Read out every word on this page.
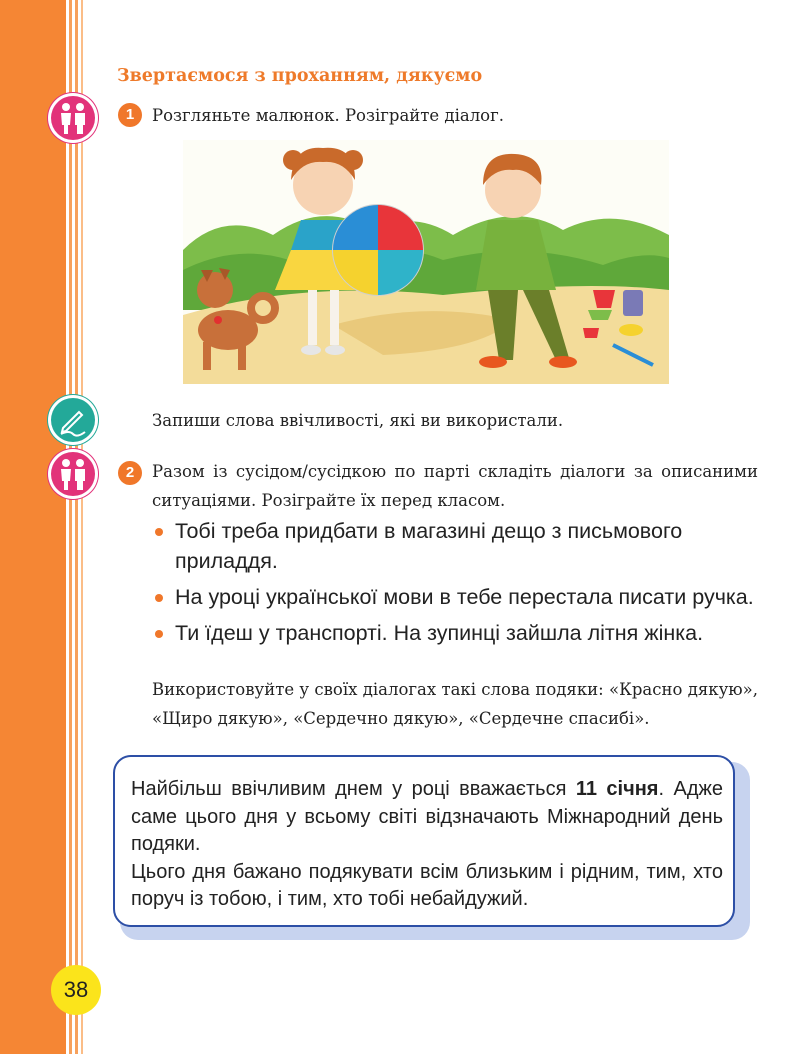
Звертаємося з проханням, дякуємо
1	Розгляньте малюнок. Розіграйте діалог.
Запиши слова ввічливості, які ви використали.
2	Разом із сусідом/сусідкою по парті складіть діалоги за описаними ситуаціями. Розіграйте їх перед класом.
Тобі треба придбати в магазині дещо з письмового приладдя.
На уроці української мови в тебе перестала писати ручка.
Ти їдеш у транспорті. На зупинці зайшла літня жінка.
Використовуйте у своїх діалогах такі слова подяки: «Красно дякую», «Щиро дякую», «Сердечно дякую», «Сердечне спасибі».
Найбільш ввічливим днем у році вважається 11 січня. Адже саме цього дня у всьому світі відзначають Міжнародний день подяки.
Цього дня бажано подякувати всім близьким і рідним, тим, хто поруч із тобою, і тим, хто тобі небайдужий.
38
